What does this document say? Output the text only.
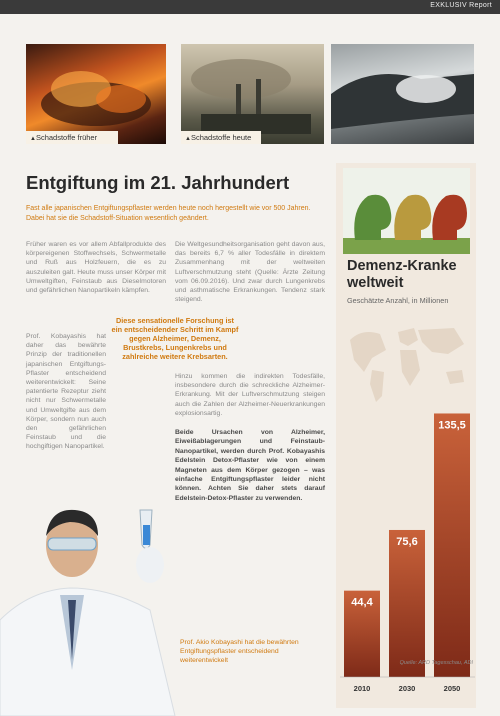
EXKLUSIV Report
▲ Schadstoffe früher
▲	Schadstoffe heute
Entgiftung im 21. Jahrhundert

Fast alle japanischen Entgiftungspflaster werden heute noch hergestellt wie vor 500 Jahren. Dabei hat sie die Schadstoff-Situation wesentlich geändert.

Früher waren es vor allem Abfallprodukte des körpereigenen Stoffwechsels, Schwermetalle und Ruß aus Holzfeuern, die es zu auszuleiten galt. Heute muss unser Körper mit Umweltgiften, Feinstaub aus Dieselmotoren und gefährlichen Nanopartikeln kämpfen.

Prof. Kobayashis hat daher das bewährte Prinzip der traditionellen japanischen Entgiftungs-Pflaster entscheidend weiterentwickelt: Seine patentierte Rezeptur zieht nicht nur Schwermetalle und Umweltgifte aus dem Körper, sondern nun auch den gefährlichen Feinstaub und die hochgiftigen Nanopartikel.

Die Weltgesundheitsorganisation geht davon aus, das bereits 6,7 % aller Todesfälle in direktem Zusammenhang mit der weltweiten Luftverschmutzung steht (Quelle: Ärzte Zeitung vom 06.09.2016). Und zwar durch Lungenkrebs und asthmatische Erkrankungen. Tendenz stark steigend.

Diese sensationelle Forschung ist ein entscheidender Schritt im Kampf gegen Alzheimer, Demenz, Brustkrebs, Lungenkrebs und zahlreiche weitere Krebsarten.

Hinzu kommen die indirekten Todesfälle, insbesondere durch die schreckliche Alzheimer-Erkrankung. Mit der Luftverschmutzung steigen auch die Zahlen der Alzheimer-Neuerkrankungen explosionsartig.

Beide Ursachen von Alzheimer, Eiweißablagerungen und Feinstaub-Nanopartikel, werden durch Prof. Kobayashis Edelstein Detox-Pflaster wie von einem Magneten aus dem Körper gezogen – was einfache Entgiftungspflaster leider nicht können. Achten Sie daher stets darauf Edelstein-Detox-Pflaster zu verwenden.

Prof. Akio Kobayashi hat die bewährten Entgiftungspflaster entscheidend weiterentwickelt

Demenz-Kranke weltweit

Geschätzte Anzahl, in Millionen

44,4
2010
75,6
2030
135,5
2050
Quelle: ARD Tagesschau, ADI
